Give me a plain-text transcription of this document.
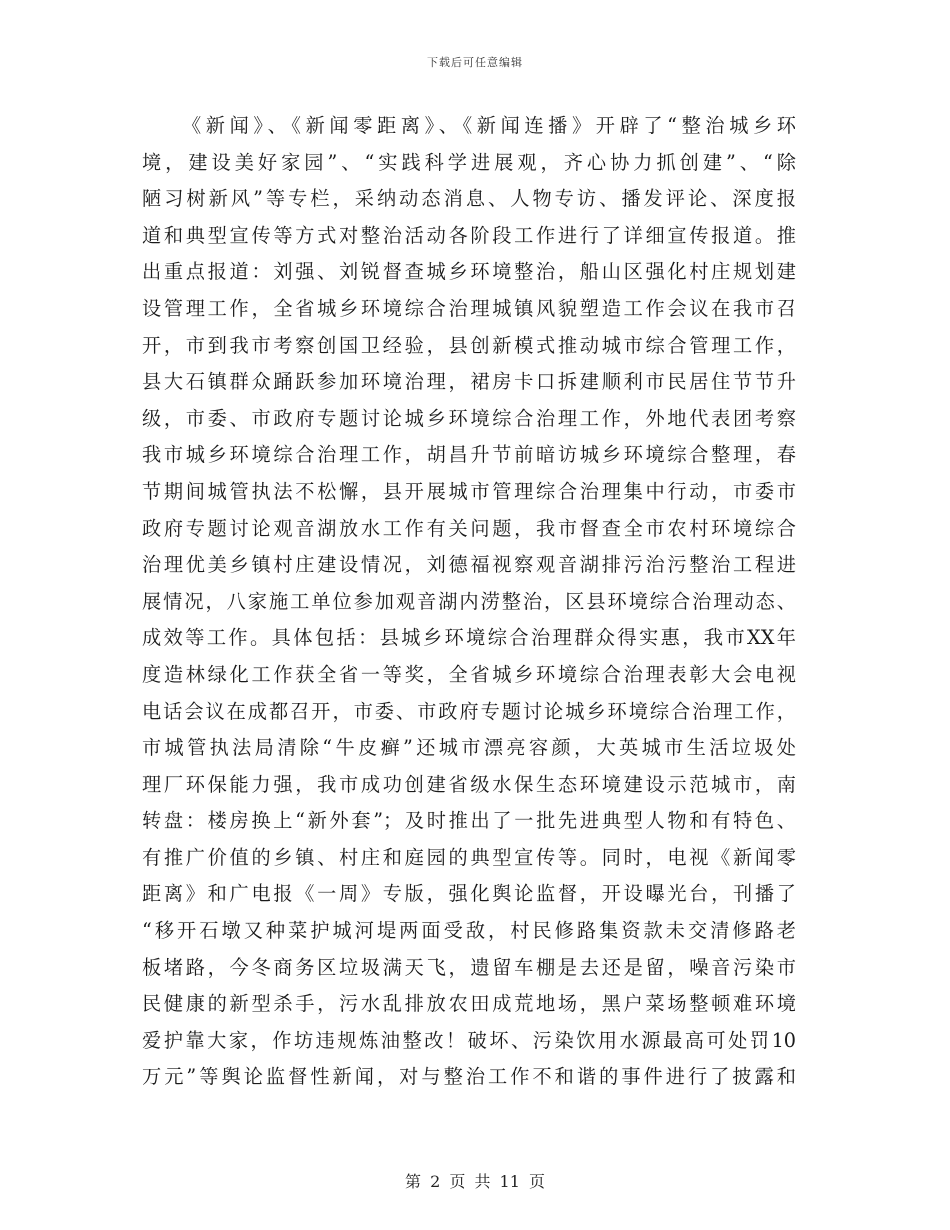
下载后可任意编辑
《新闻》、《新闻零距离》、《新闻连播》开辟了“整治城乡环
境，建设美好家园”、“实践科学进展观，齐心协力抓创建”、“除
陋习树新风”等专栏，采纳动态消息、人物专访、播发评论、深度报
道和典型宣传等方式对整治活动各阶段工作进行了详细宣传报道。推
出重点报道：刘强、刘锐督查城乡环境整治，船山区强化村庄规划建
设管理工作，全省城乡环境综合治理城镇风貌塑造工作会议在我市召
开，市到我市考察创国卫经验，县创新模式推动城市综合管理工作，
县大石镇群众踊跃参加环境治理，裙房卡口拆建顺利市民居住节节升
级，市委、市政府专题讨论城乡环境综合治理工作，外地代表团考察
我市城乡环境综合治理工作，胡昌升节前暗访城乡环境综合整理，春
节期间城管执法不松懈，县开展城市管理综合治理集中行动，市委市
政府专题讨论观音湖放水工作有关问题，我市督查全市农村环境综合
治理优美乡镇村庄建设情况，刘德福视察观音湖排污治污整治工程进
展情况，八家施工单位参加观音湖内涝整治，区县环境综合治理动态、
成效等工作。具体包括：县城乡环境综合治理群众得实惠，我市XX年
度造林绿化工作获全省一等奖，全省城乡环境综合治理表彰大会电视
电话会议在成都召开，市委、市政府专题讨论城乡环境综合治理工作，
市城管执法局清除“牛皮癣”还城市漂亮容颜，大英城市生活垃圾处
理厂环保能力强，我市成功创建省级水保生态环境建设示范城市，南
转盘：楼房换上“新外套”；及时推出了一批先进典型人物和有特色、
有推广价值的乡镇、村庄和庭园的典型宣传等。同时，电视《新闻零
距离》和广电报《一周》专版，强化舆论监督，开设曝光台，刊播了
“移开石墩又种菜护城河堤两面受敌，村民修路集资款未交清修路老
板堵路，今冬商务区垃圾满天飞，遗留车棚是去还是留，噪音污染市
民健康的新型杀手，污水乱排放农田成荒地场，黑户菜场整顿难环境
爱护靠大家，作坊违规炼油整改！破坏、污染饮用水源最高可处罚10
万元”等舆论监督性新闻，对与整治工作不和谐的事件进行了披露和
第 2 页 共 11 页
